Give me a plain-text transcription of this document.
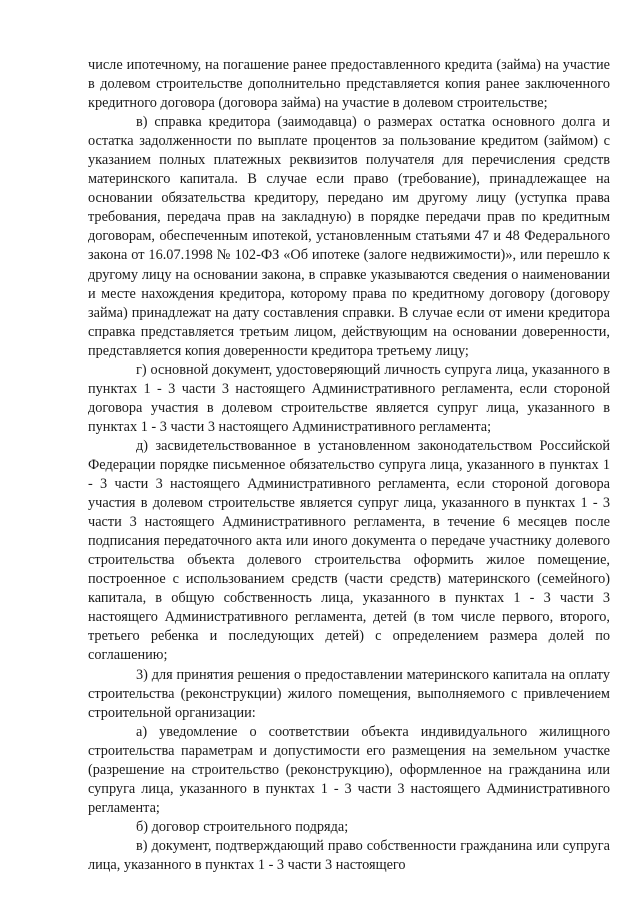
числе ипотечному, на погашение ранее предоставленного кредита (займа) на участие в долевом строительстве дополнительно представляется копия ранее заключенного кредитного договора (договора займа) на участие в долевом строительстве;

в) справка кредитора (заимодавца) о размерах остатка основного долга и остатка задолженности по выплате процентов за пользование кредитом (займом) с указанием полных платежных реквизитов получателя для перечисления средств материнского капитала. В случае если право (требование), принадлежащее на основании обязательства кредитору, передано им другому лицу (уступка права требования, передача прав на закладную) в порядке передачи прав по кредитным договорам, обеспеченным ипотекой, установленным статьями 47 и 48 Федерального закона от 16.07.1998 № 102-ФЗ «Об ипотеке (залоге недвижимости)», или перешло к другому лицу на основании закона, в справке указываются сведения о наименовании и месте нахождения кредитора, которому права по кредитному договору (договору займа) принадлежат на дату составления справки. В случае если от имени кредитора справка представляется третьим лицом, действующим на основании доверенности, представляется копия доверенности кредитора третьему лицу;

г) основной документ, удостоверяющий личность супруга лица, указанного в пунктах 1 - 3 части 3 настоящего Административного регламента, если стороной договора участия в долевом строительстве является супруг лица, указанного в пунктах 1 - 3 части 3 настоящего Административного регламента;

д) засвидетельствованное в установленном законодательством Российской Федерации порядке письменное обязательство супруга лица, указанного в пунктах 1 - 3 части 3 настоящего Административного регламента, если стороной договора участия в долевом строительстве является супруг лица, указанного в пунктах 1 - 3 части 3 настоящего Административного регламента, в течение 6 месяцев после подписания передаточного акта или иного документа о передаче участнику долевого строительства объекта долевого строительства оформить жилое помещение, построенное с использованием средств (части средств) материнского (семейного) капитала, в общую собственность лица, указанного в пунктах 1 - 3 части 3 настоящего Административного регламента, детей (в том числе первого, второго, третьего ребенка и последующих детей) с определением размера долей по соглашению;

3) для принятия решения о предоставлении материнского капитала на оплату строительства (реконструкции) жилого помещения, выполняемого с привлечением строительной организации:

а) уведомление о соответствии объекта индивидуального жилищного строительства параметрам и допустимости его размещения на земельном участке (разрешение на строительство (реконструкцию), оформленное на гражданина или супруга лица, указанного в пунктах 1 - 3 части 3 настоящего Административного регламента;

б) договор строительного подряда;

в) документ, подтверждающий право собственности гражданина или супруга лица, указанного в пунктах 1 - 3 части 3 настоящего
